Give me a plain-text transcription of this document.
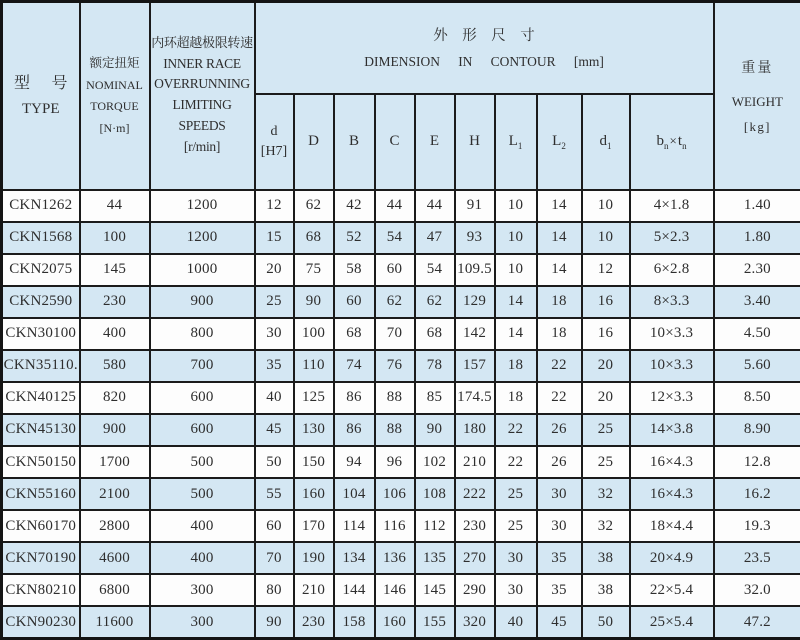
型 号
TYPE

额定扭矩
NOMINAL
TORQUE
[N·m]

内环超越极限转速
INNER RACE
OVERRUNNING
LIMITING SPEEDS
[r/min]

外形尺寸
DIMENSION IN CONTOUR [mm]	重量
WEIGHT
[kg]

			d
[H7]	D	B	C	E	H	$L_1$	$L_2$	$d_1$	$b_n\times t_n$
CKN1262	44	1200	12	62	42	44	44	91	10	14	10	4×1.8	1.40
CKN1568	100	1200	15	68	52	54	47	93	10	14	10	5×2.3	1.80
CKN2075	145	1000	20	75	58	60	54	109.5	10	14	12	6×2.8	2.30
CKN2590	230	900	25	90	60	62	62	129	14	18	16	8×3.3	3.40
CKN30100	400	800	30	100	68	70	68	142	14	18	16	10×3.3	4.50
CKN35110.	580	700	35	110	74	76	78	157	18	22	20	10×3.3	5.60
CKN40125	820	600	40	125	86	88	85	174.5	18	22	20	12×3.3	8.50
CKN45130	900	600	45	130	86	88	90	180	22	26	25	14×3.8	8.90
CKN50150	1700	500	50	150	94	96	102	210	22	26	25	16×4.3	12.8
CKN55160	2100	500	55	160	104	106	108	222	25	30	32	16×4.3	16.2
CKN60170	2800	400	60	170	114	116	112	230	25	30	32	18×4.4	19.3
CKN70190	4600	400	70	190	134	136	135	270	30	35	38	20×4.9	23.5
CKN80210	6800	300	80	210	144	146	145	290	30	35	38	22×5.4	32.0
CKN90230	11600	300	90	230	158	160	155	320	40	45	50	25×5.4	47.2
